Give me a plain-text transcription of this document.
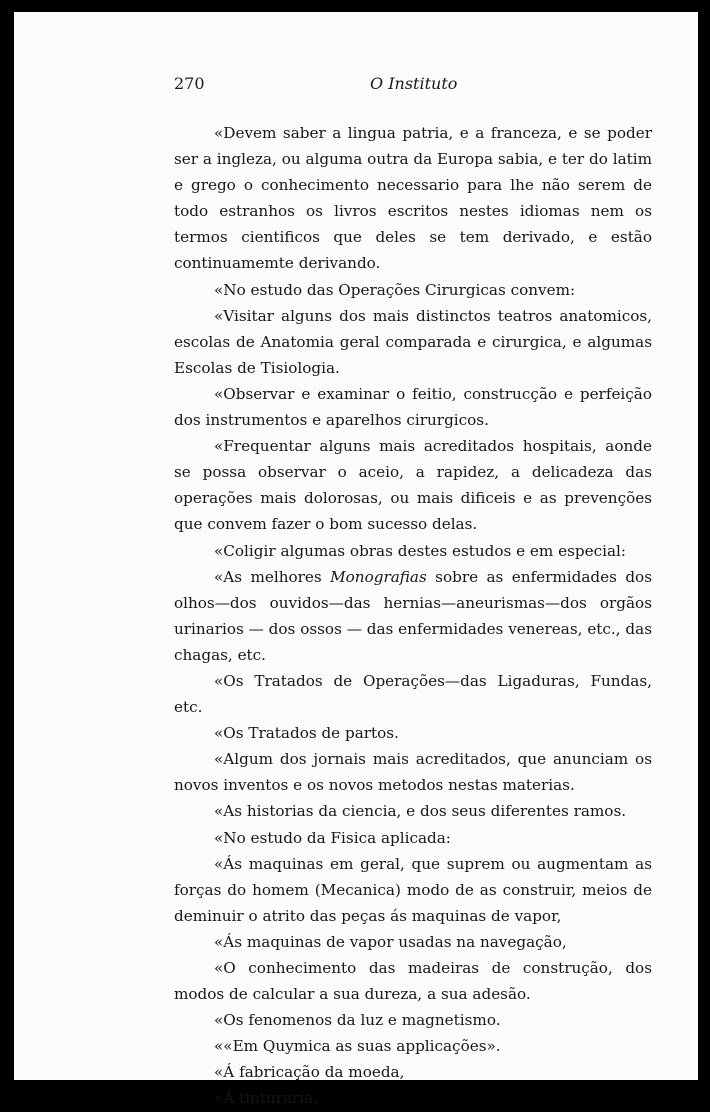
270	O Instituto

«Devem saber a lingua patria, e a franceza, e se poder ser a ingleza, ou alguma outra da Europa sabia, e ter do latim e grego o conhecimento necessario para lhe não serem de todo estranhos os livros escritos nestes idiomas nem os termos cientificos que deles se tem derivado, e estão continuamemte derivando.

«No estudo das Operações Cirurgicas convem:

«Visitar alguns dos mais distinctos teatros anatomicos, escolas de Anatomia geral comparada e cirurgica, e algumas Escolas de Tisiologia.

«Observar e examinar o feitio, construcção e perfeição dos instrumentos e aparelhos cirurgicos.

«Frequentar alguns mais acreditados hospitais, aonde se possa observar o aceio, a rapidez, a delicadeza das operações mais dolorosas, ou mais dificeis e as prevenções que convem fazer o bom sucesso delas.

«Coligir algumas obras destes estudos e em especial:

«As melhores Monografias sobre as enfermidades dos olhos—dos ouvidos—das hernias—aneurismas—dos orgãos urinarios — dos ossos — das enfermidades venereas, etc., das chagas, etc.

«Os Tratados de Operações—das Ligaduras, Fundas, etc.

«Os Tratados de partos.

«Algum dos jornais mais acreditados, que anunciam os novos inventos e os novos metodos nestas materias.

«As historias da ciencia, e dos seus diferentes ramos.

«No estudo da Fisica aplicada:

«Ás maquinas em geral, que suprem ou augmentam as forças do homem (Mecanica) modo de as construir, meios de deminuir o atrito das peças ás maquinas de vapor,

«Ás maquinas de vapor usadas na navegação,

«O conhecimento das madeiras de construção, dos modos de calcular a sua dureza, a sua adesão.

«Os fenomenos da luz e magnetismo.

««Em Quymica as suas applicações».

«Á fabricação da moeda,

«Á tinturaria,
